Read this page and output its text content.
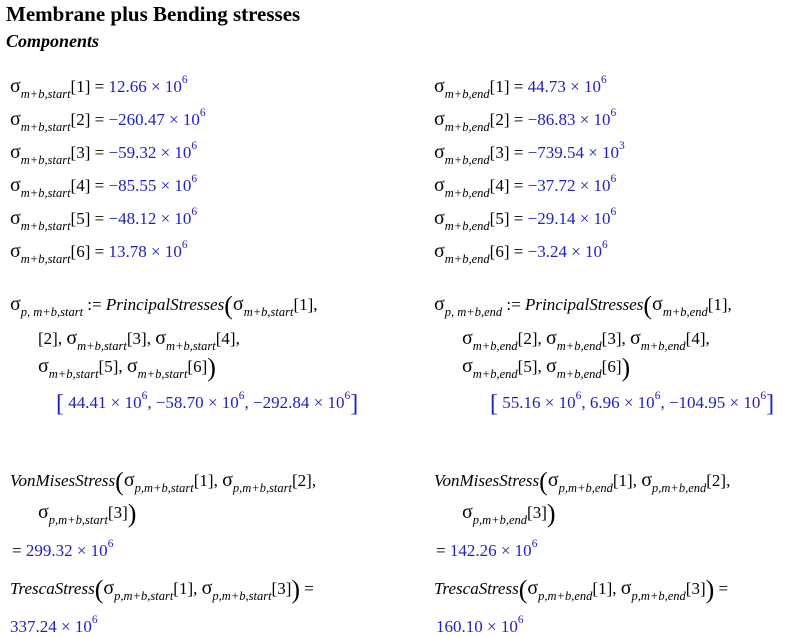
Membrane plus Bending stresses
Components
$\sigma_{m+b,start}[1] = 12.66 \times 10^6$
$\sigma_{m+b,start}[2] = -260.47 \times 10^6$
$\sigma_{m+b,start}[3] = -59.32 \times 10^6$
$\sigma_{m+b,start}[4] = -85.55 \times 10^6$
$\sigma_{m+b,start}[5] = -48.12 \times 10^6$
$\sigma_{m+b,start}[6] = 13.78 \times 10^6$
$\sigma_{m+b,end}[1] = 44.73 \times 10^6$
$\sigma_{m+b,end}[2] = -86.83 \times 10^6$
$\sigma_{m+b,end}[3] = -739.54 \times 10^3$
$\sigma_{m+b,end}[4] = -37.72 \times 10^6$
$\sigma_{m+b,end}[5] = -29.14 \times 10^6$
$\sigma_{m+b,end}[6] = -3.24 \times 10^6$
$\sigma_{p, m+b,start}$ := $PrincipalStresses(\sigma_{m+b,start}[1]$,
[2], $\sigma_{m+b,start}[3]$, $\sigma_{m+b,start}[4]$,
$\sigma_{m+b,start}[5]$, $\sigma_{m+b,start}[6]$)
[ $44.41 \times 10^6$, $-58.70 \times 10^6$, $-292.84 \times 10^6$]
$\sigma_{p, m+b,end}$ := $PrincipalStresses(\sigma_{m+b,end}[1]$,
$\sigma_{m+b,end}[2]$, $\sigma_{m+b,end}[3]$, $\sigma_{m+b,end}[4]$,
$\sigma_{m+b,end}[5]$, $\sigma_{m+b,end}[6]$)
[ $55.16 \times 10^6$, $6.96 \times 10^6$, $-104.95 \times 10^6$]
$VonMisesStress(\sigma_{p,m+b,start}[1]$, $\sigma_{p,m+b,start}[2]$,
$\sigma_{p,m+b,start}[3]$)
= $299.32 \times 10^6$
$VonMisesStress(\sigma_{p,m+b,end}[1]$, $\sigma_{p,m+b,end}[2]$,
$\sigma_{p,m+b,end}[3]$)
= $142.26 \times 10^6$
$TrescaStress(\sigma_{p,m+b,start}[1]$, $\sigma_{p,m+b,start}[3]$) =
$337.24 \times 10^6$
$TrescaStress(\sigma_{p,m+b,end}[1]$, $\sigma_{p,m+b,end}[3]$) =
$160.10 \times 10^6$
